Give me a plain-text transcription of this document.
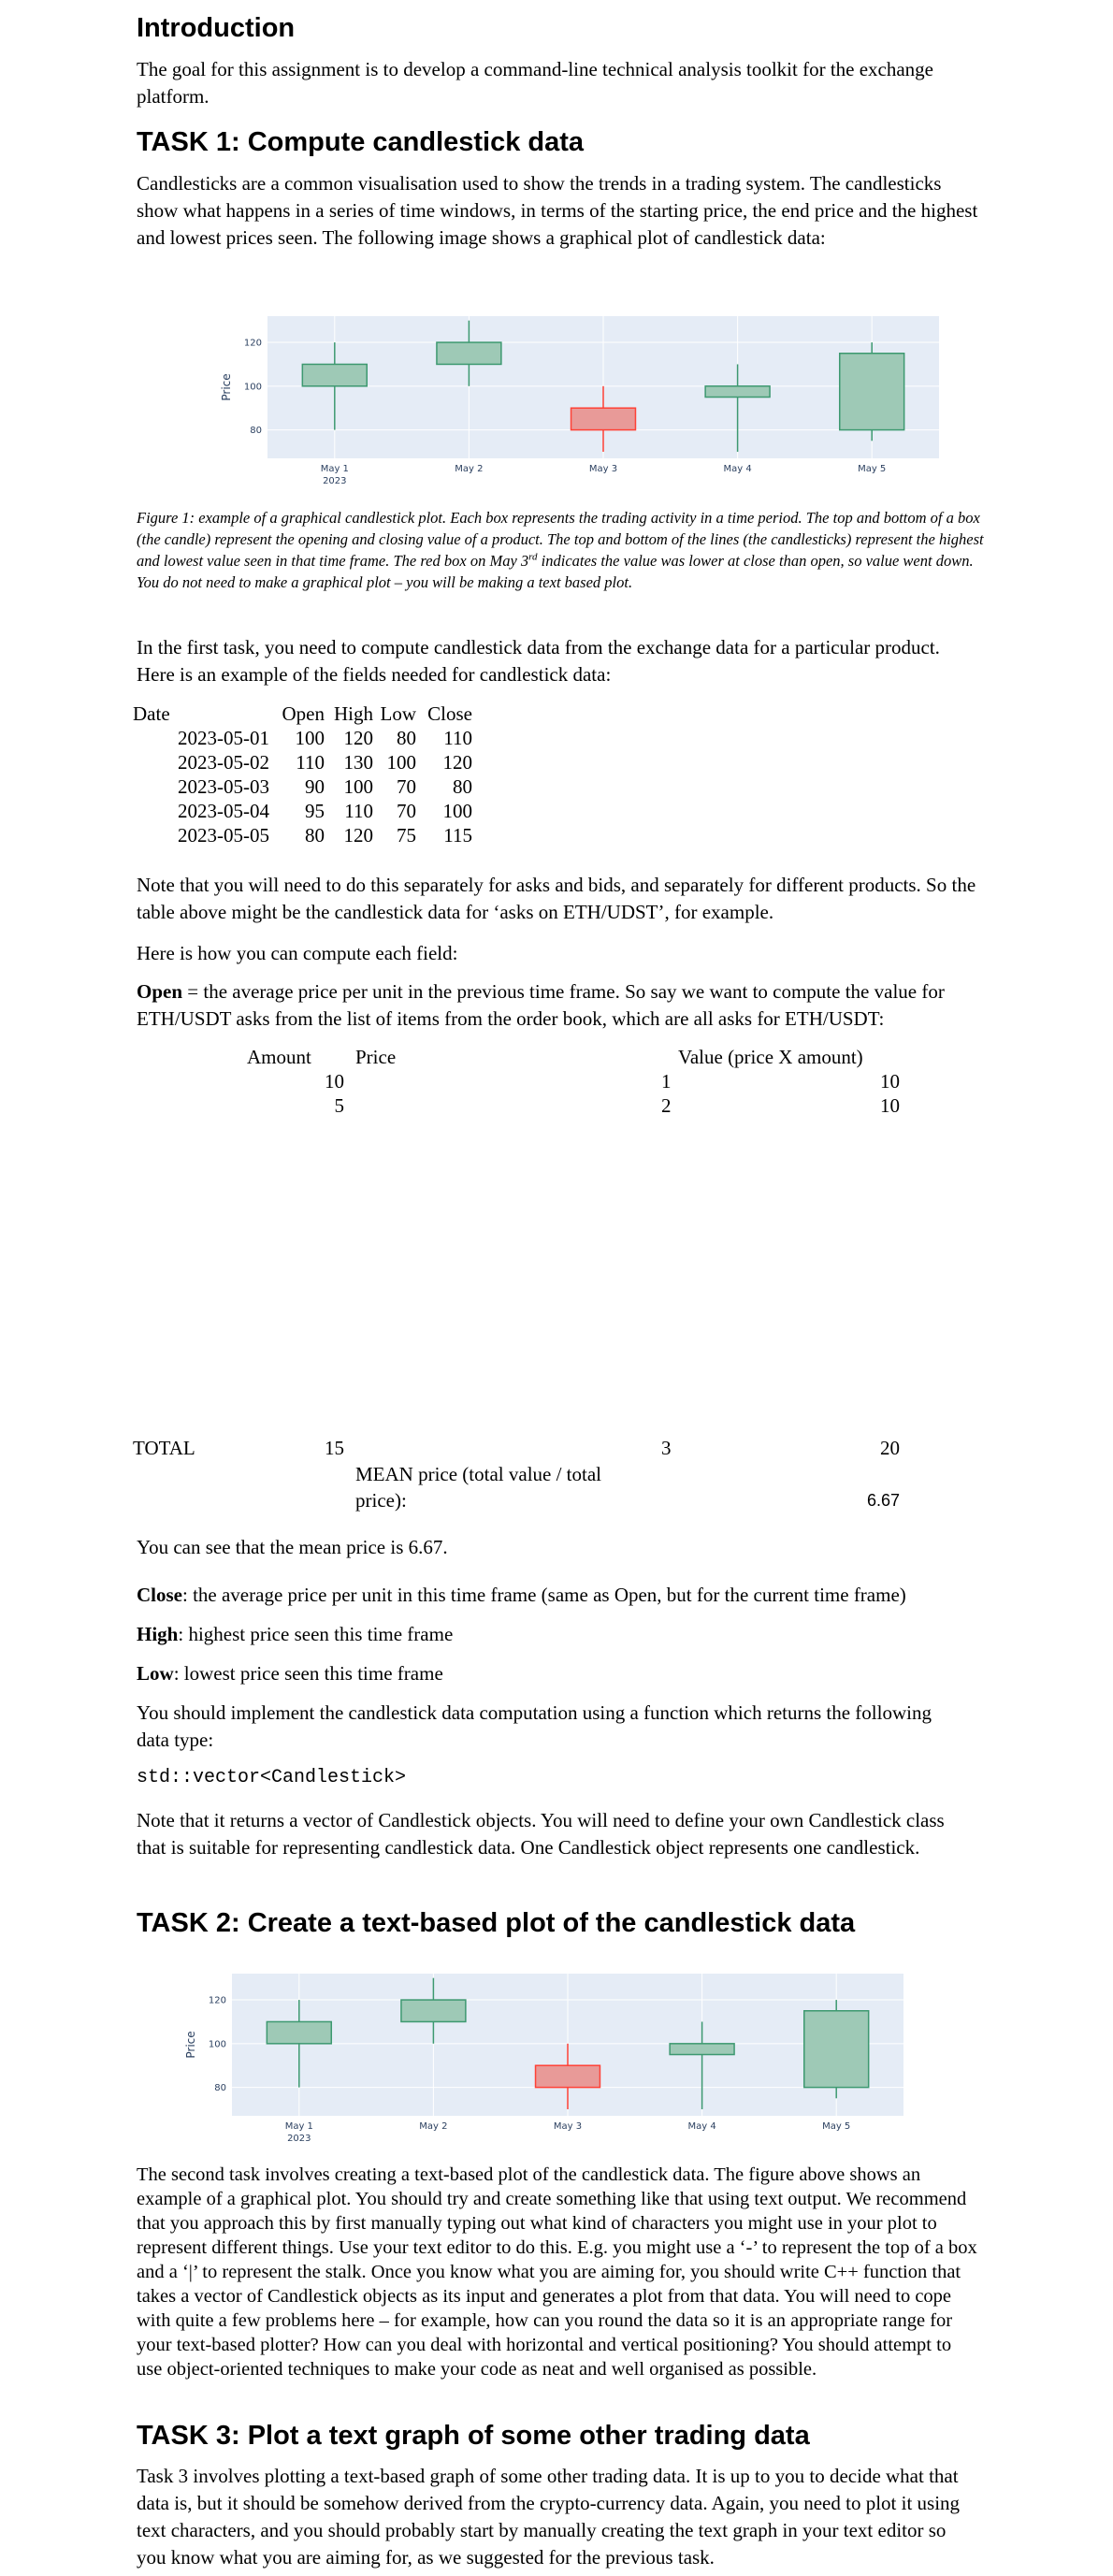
Introduction

The goal for this assignment is to develop a command-line technical analysis toolkit for the exchange platform.

TASK 1: Compute candlestick data

Candlesticks are a common visualisation used to show the trends in a trading system. The candlesticks show what happens in a series of time windows, in terms of the starting price, the end price and the highest and lowest prices seen. The following image shows a graphical plot of candlestick data:

80
100
120
Price
May 1
2023
May 2	May 3	May 4	May 5

Figure 1: example of a graphical candlestick plot. Each box represents the trading activity in a time period. The top and bottom of a box (the candle) represent the opening and closing value of a product. The top and bottom of the lines (the candlesticks) represent the highest and lowest value seen in that time frame. The red box on May 3rd indicates the value was lower at close than open, so value went down. You do not need to make a graphical plot – you will be making a text based plot.

In the first task, you need to compute candlestick data from the exchange data for a particular product. Here is an example of the fields needed for candlestick data:

Date	Open High Low Close
2023-05-01	100 120	80	110
2023-05-02	110 130 100	120
2023-05-03	90 100	70	80
2023-05-04	95	110	70	100
2023-05-05	80 120	75	115

Note that you will need to do this separately for asks and bids, and separately for different products. So the table above might be the candlestick data for ‘asks on ETH/UDST’, for example.

Here is how you can compute each field:

Open = the average price per unit in the previous time frame. So say we want to compute the value for ETH/USDT asks from the list of items from the order book, which are all asks for ETH/USDT:

Amount Price	Value (price X amount)
10	1	10
5	2	10
TOTAL	15	3	20
MEAN price (total value / total price):	6.67

You can see that the mean price is 6.67.

Close: the average price per unit in this time frame (same as Open, but for the current time frame)

High: highest price seen this time frame

Low: lowest price seen this time frame

You should implement the candlestick data computation using a function which returns the following data type:

std::vector<Candlestick>

Note that it returns a vector of Candlestick objects. You will need to define your own Candlestick class that is suitable for representing candlestick data. One Candlestick object represents one candlestick.

TASK 2: Create a text-based plot of the candlestick data
80
100
120
Price
May 1
2023
May 2	May 3	May 4	May 5

The second task involves creating a text-based plot of the candlestick data. The figure above shows an example of a graphical plot. You should try and create something like that using text output. We recommend that you approach this by first manually typing out what kind of characters you might use in your plot to represent different things. Use your text editor to do this. E.g. you might use a ‘-’ to represent the top of a box and a ‘|’ to represent the stalk. Once you know what you are aiming for, you should write C++ function that takes a vector of Candlestick objects as its input and generates a plot from that data. You will need to cope with quite a few problems here – for example, how can you round the data so it is an appropriate range for your text-based plotter? How can you deal with horizontal and vertical positioning? You should attempt to use object-oriented techniques to make your code as neat and well organised as possible.

TASK 3: Plot a text graph of some other trading data

Task 3 involves plotting a text-based graph of some other trading data. It is up to you to decide what that data is, but it should be somehow derived from the crypto-currency data. Again, you need to plot it using text characters, and you should probably start by manually creating the text graph in your text editor so you know what you are aiming for, as we suggested for the previous task.
